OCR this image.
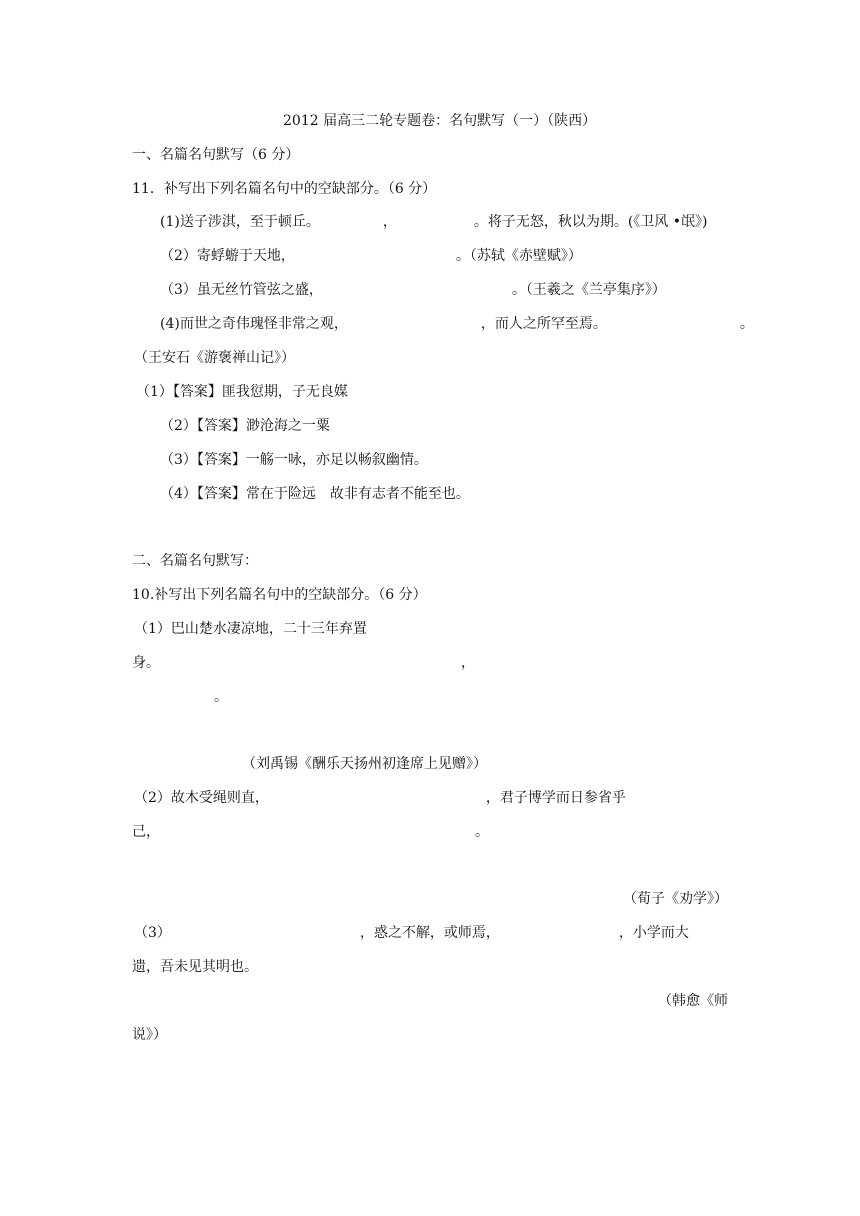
2012 届高三二轮专题卷：名句默写（一）（陕西）
一、名篇名句默写（6 分）
11．补写出下列名篇名句中的空缺部分。（6 分）
(1)送子涉淇，至于顿丘。　　　　　，　　　　　　。将子无怒，秋以为期。(《卫风 •氓》)
（2）寄蜉蝣于天地，　　　　　　　　　　　　。（苏轼《赤壁赋》）
（3）虽无丝竹管弦之盛，　　　　　　　　　　　　　　。（王羲之《兰亭集序》）
(4)而世之奇伟瑰怪非常之观，　　　　　　　　　　，而人之所罕至焉。　　　　　　　　　　。
（王安石《游褒禅山记》）
（1）【答案】匪我愆期，子无良媒
（2）【答案】渺沧海之一粟
（3）【答案】一觞一咏，亦足以畅叙幽情。
（4）【答案】常在于险远　故非有志者不能至也。
二、名篇名句默写：
10.补写出下列名篇名句中的空缺部分。（6 分）
（1）巴山楚水凄凉地，二十三年弃置
身。　　　　　　　　　　　　　　　　　　　　　　，
。
（刘禹锡《酬乐天扬州初逢席上见赠》）
（2）故木受绳则直，　　　　　　　　　　　　　　　　，君子博学而日参省乎
己，　　　　　　　　　　　　　　　　　　　　　　　。
（荀子《劝学》）
（3）　　　　　　　　　　　　　　，惑之不解，或师焉，　　　　　　　　　，小学而大
遗，吾未见其明也。
（韩愈《师
说》）
